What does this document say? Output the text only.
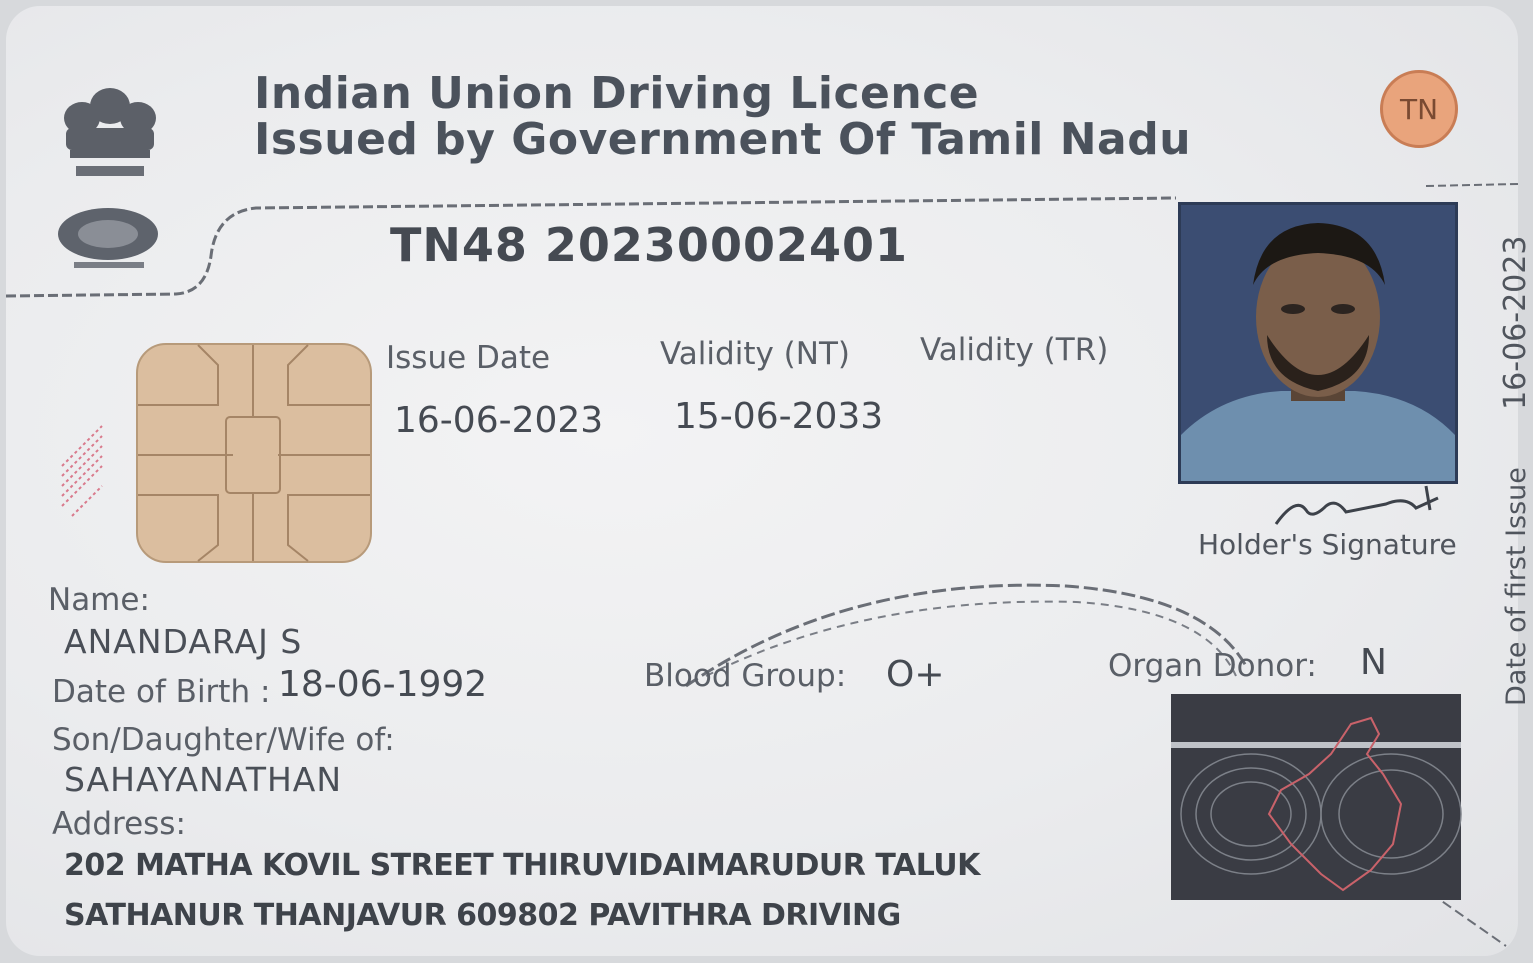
Indian Union Driving Licence
Issued by Government Of Tamil Nadu
TN
TN48 20230002401
Issue Date
16-06-2023
Validity (NT)
15-06-2033
Validity (TR)
Holder's Signature Date of first Issue  16-06-2023
Name:
ANANDARAJ S
Date of Birth : 18-06-1992	Blood Group: O+	Organ Donor: N
Son/Daughter/Wife of:
SAHAYANATHAN
Address:
202 MATHA KOVIL STREET THIRUVIDAIMARUDUR TALUK
SATHANUR THANJAVUR 609802 PAVITHRA DRIVING
